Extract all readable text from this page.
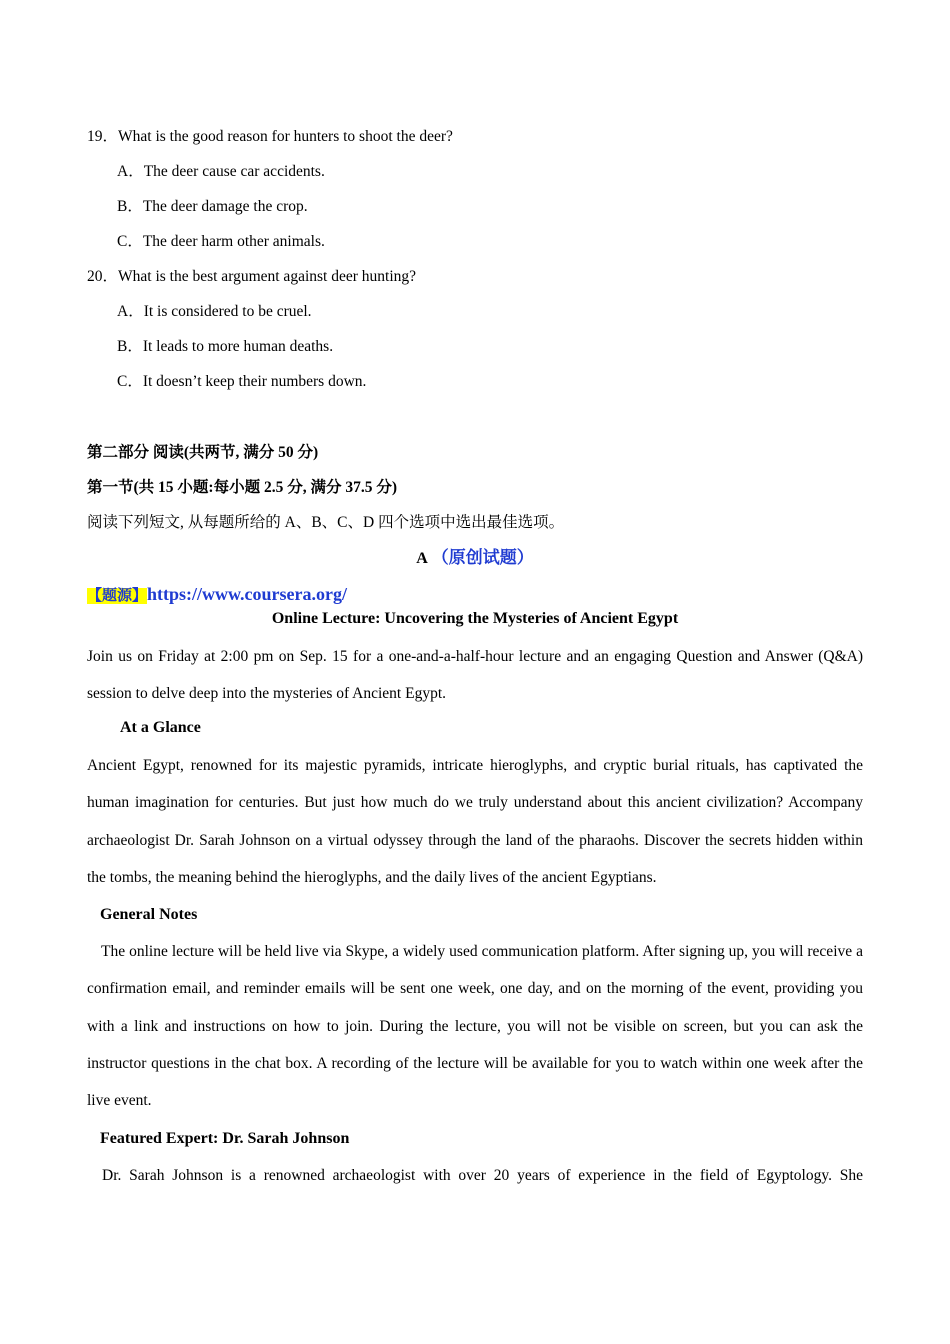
19．What is the good reason for hunters to shoot the deer?
A．The deer cause car accidents.
B．The deer damage the crop.
C．The deer harm other animals.
20．What is the best argument against deer hunting?
A．It is considered to be cruel.
B．It leads to more human deaths.
C．It doesn’t keep their numbers down.
第二部分 阅读(共两节, 满分 50 分)
第一节(共 15 小题:每小题 2.5 分, 满分 37.5 分)
阅读下列短文, 从每题所给的 A、B、C、D 四个选项中选出最佳选项。
A （原创试题）
【题源】https://www.coursera.org/
Online Lecture: Uncovering the Mysteries of Ancient Egypt
Join us on Friday at 2:00 pm on Sep. 15 for a one-and-a-half-hour lecture and an engaging Question and Answer (Q&A) session to delve deep into the mysteries of Ancient Egypt.
At a Glance
Ancient Egypt, renowned for its majestic pyramids, intricate hieroglyphs, and cryptic burial rituals, has captivated the human imagination for centuries. But just how much do we truly understand about this ancient civilization? Accompany archaeologist Dr. Sarah Johnson on a virtual odyssey through the land of the pharaohs. Discover the secrets hidden within the tombs, the meaning behind the hieroglyphs, and the daily lives of the ancient Egyptians.
General Notes
The online lecture will be held live via Skype, a widely used communication platform. After signing up, you will receive a confirmation email, and reminder emails will be sent one week, one day, and on the morning of the event, providing you with a link and instructions on how to join. During the lecture, you will not be visible on screen, but you can ask the instructor questions in the chat box. A recording of the lecture will be available for you to watch within one week after the live event.
Featured Expert: Dr. Sarah Johnson
Dr. Sarah Johnson is a renowned archaeologist with over 20 years of experience in the field of Egyptology. She
